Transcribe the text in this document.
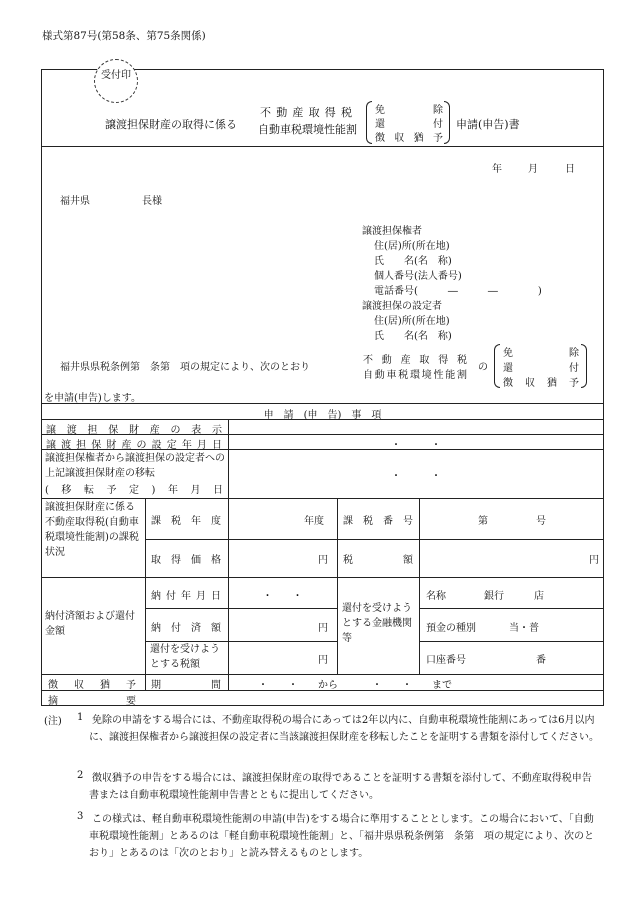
様式第87号(第58条、第75条関係)
受付印
譲渡担保財産の取得に係る
不動産取得税
自動車税環境性能割
免除
還付
徴収猶予
申請(申告)書
年	月	日
福井県	長様
譲渡担保権者
住(居)所(所在地)
氏　　名(名　称)
個人番号(法人番号)
電話番号(　　　―　　　―　　　　)
譲渡担保の設定者
住(居)所(所在地)
氏　　名(名　称)
福井県県税条例第　条第　項の規定により、次のとおり
不動産取得税
自動車税環境性能割
の
免除
還付
徴収猶予
を申請(申告)します。
申　請　(申　告)　事　項
譲渡担保財産の表示
譲渡担保財産の設定年月日	・　　　・
譲渡担保権者から譲渡担保の設定者への上記譲渡担保財産の移転
(移転予定)年月日
・　　　・
譲渡担保財産に係る不動産取得税(自動車税環境性能割)の課税状況
課税年度	年度 課税番号	第	号
取得価格	円 税額	円
納付済額および還付金額
納付年月日	・　　・
納付済額	円
還付を受けようとする税額	円
還付を受けようとする金融機関等
名称	銀行	店
預金の種別	当・普
口座番号	番
徴収猶予 期間	・　　・　　から	・　　・　　まで
摘要
(注) 1 免除の申請をする場合には、不動産取得税の場合にあっては2年以内に、自動車税環境性能割にあっては6月以内に、譲渡担保権者から譲渡担保の設定者に当該譲渡担保財産を移転したことを証明する書類を添付してください。
2 徴収猶予の申告をする場合には、譲渡担保財産の取得であることを証明する書類を添付して、不動産取得税申告書または自動車税環境性能割申告書とともに提出してください。
3 この様式は、軽自動車税環境性能割の申請(申告)をする場合に準用することとします。この場合において、「自動車税環境性能割」とあるのは「軽自動車税環境性能割」と、「福井県県税条例第　条第　項の規定により、次のとおり」とあるのは「次のとおり」と読み替えるものとします。
